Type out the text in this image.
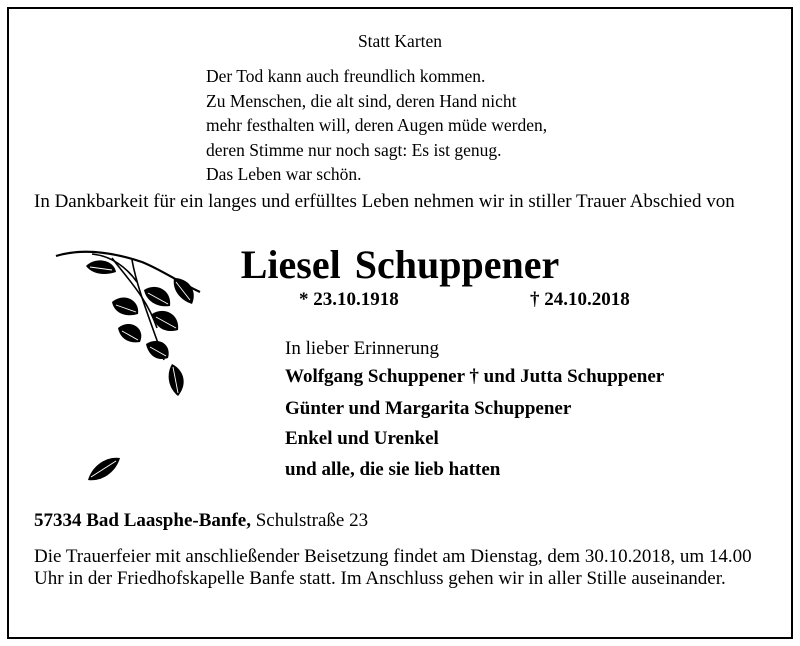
Statt Karten
Der Tod kann auch freundlich kommen.
Zu Menschen, die alt sind, deren Hand nicht
mehr festhalten will, deren Augen müde werden,
deren Stimme nur noch sagt: Es ist genug.
Das Leben war schön.
In Dankbarkeit für ein langes und erfülltes Leben nehmen wir in stiller Trauer Abschied von
Liesel Schuppener
* 23.10.1918	† 24.10.2018
In lieber Erinnerung
Wolfgang Schuppener † und Jutta Schuppener
Günter und Margarita Schuppener
Enkel und Urenkel
und alle, die sie lieb hatten
57334 Bad Laasphe-Banfe, Schulstraße 23
Die Trauerfeier mit anschließender Beisetzung findet am Dienstag, dem 30.10.2018, um 14.00 Uhr in der Friedhofskapelle Banfe statt. Im Anschluss gehen wir in aller Stille auseinander.
